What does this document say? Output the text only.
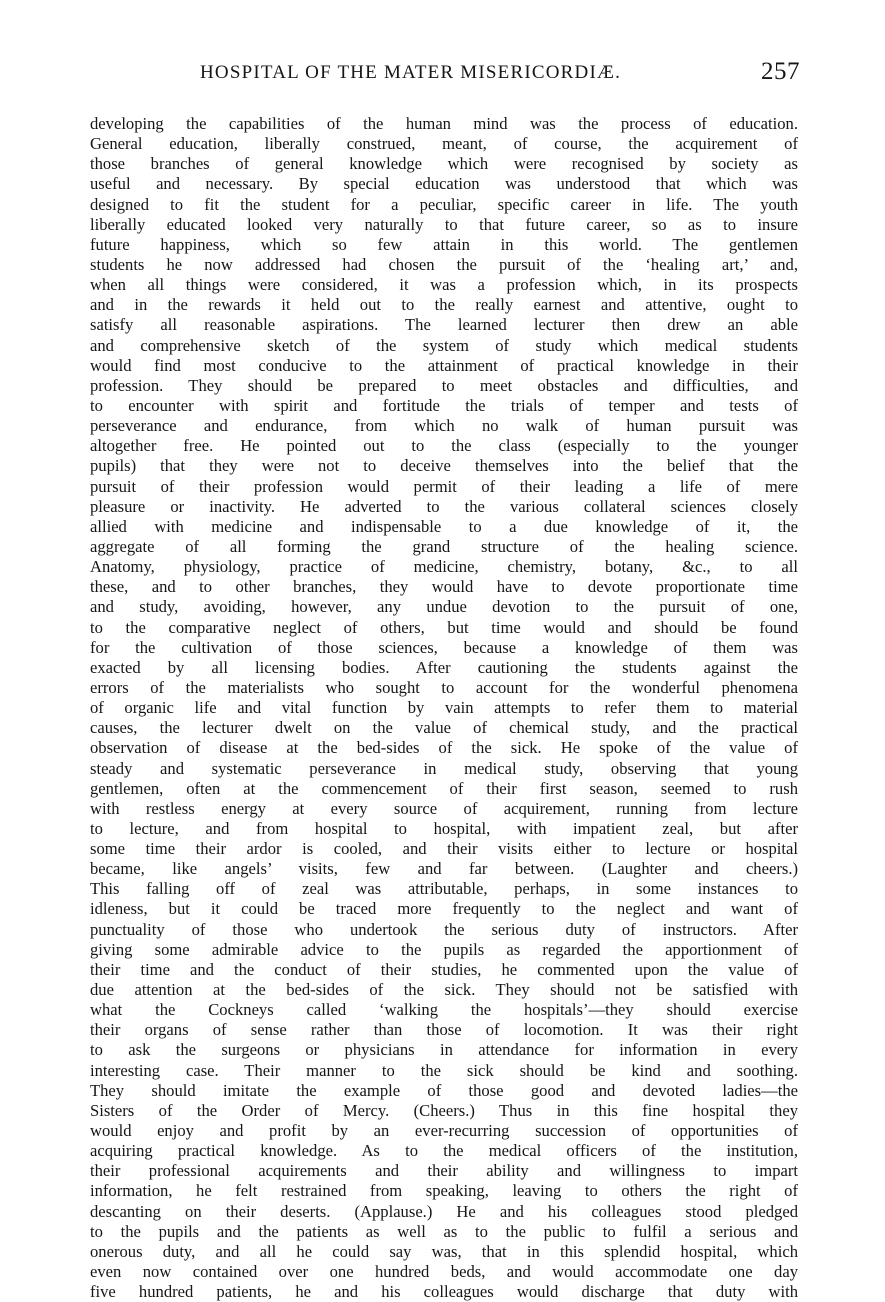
HOSPITAL OF THE MATER MISERICORDIÆ.	257
developing the capabilities of the human mind was the process of education.
General education, liberally construed, meant, of course, the acquirement of
those branches of general knowledge which were recognised by society as
useful and necessary. By special education was understood that which was
designed to fit the student for a peculiar, specific career in life. The youth
liberally educated looked very naturally to that future career, so as to insure
future happiness, which so few attain in this world. The gentlemen
students he now addressed had chosen the pursuit of the ‘healing art,’ and,
when all things were considered, it was a profession which, in its prospects
and in the rewards it held out to the really earnest and attentive, ought to
satisfy all reasonable aspirations. The learned lecturer then drew an able
and comprehensive sketch of the system of study which medical students
would find most conducive to the attainment of practical knowledge in their
profession. They should be prepared to meet obstacles and difficulties, and
to encounter with spirit and fortitude the trials of temper and tests of
perseverance and endurance, from which no walk of human pursuit was
altogether free. He pointed out to the class (especially to the younger
pupils) that they were not to deceive themselves into the belief that the
pursuit of their profession would permit of their leading a life of mere
pleasure or inactivity. He adverted to the various collateral sciences closely
allied with medicine and indispensable to a due knowledge of it, the
aggregate of all forming the grand structure of the healing science.
Anatomy, physiology, practice of medicine, chemistry, botany, &c., to all
these, and to other branches, they would have to devote proportionate time
and study, avoiding, however, any undue devotion to the pursuit of one,
to the comparative neglect of others, but time would and should be found
for the cultivation of those sciences, because a knowledge of them was
exacted by all licensing bodies. After cautioning the students against the
errors of the materialists who sought to account for the wonderful phenomena
of organic life and vital function by vain attempts to refer them to material
causes, the lecturer dwelt on the value of chemical study, and the practical
observation of disease at the bed-sides of the sick. He spoke of the value of
steady and systematic perseverance in medical study, observing that young
gentlemen, often at the commencement of their first season, seemed to rush
with restless energy at every source of acquirement, running from lecture
to lecture, and from hospital to hospital, with impatient zeal, but after
some time their ardor is cooled, and their visits either to lecture or hospital
became, like angels’ visits, few and far between. (Laughter and cheers.)
This falling off of zeal was attributable, perhaps, in some instances to
idleness, but it could be traced more frequently to the neglect and want of
punctuality of those who undertook the serious duty of instructors. After
giving some admirable advice to the pupils as regarded the apportionment of
their time and the conduct of their studies, he commented upon the value of
due attention at the bed-sides of the sick. They should not be satisfied with
what the Cockneys called ‘walking the hospitals’—they should exercise
their organs of sense rather than those of locomotion. It was their right
to ask the surgeons or physicians in attendance for information in every
interesting case. Their manner to the sick should be kind and soothing.
They should imitate the example of those good and devoted ladies—the
Sisters of the Order of Mercy. (Cheers.) Thus in this fine hospital they
would enjoy and profit by an ever-recurring succession of opportunities of
acquiring practical knowledge. As to the medical officers of the institution,
their professional acquirements and their ability and willingness to impart
information, he felt restrained from speaking, leaving to others the right of
descanting on their deserts. (Applause.) He and his colleagues stood pledged
to the pupils and the patients as well as to the public to fulfil a serious and
onerous duty, and all he could say was, that in this splendid hospital, which
even now contained over one hundred beds, and would accommodate one day
five hundred patients, he and his colleagues would discharge that duty with
